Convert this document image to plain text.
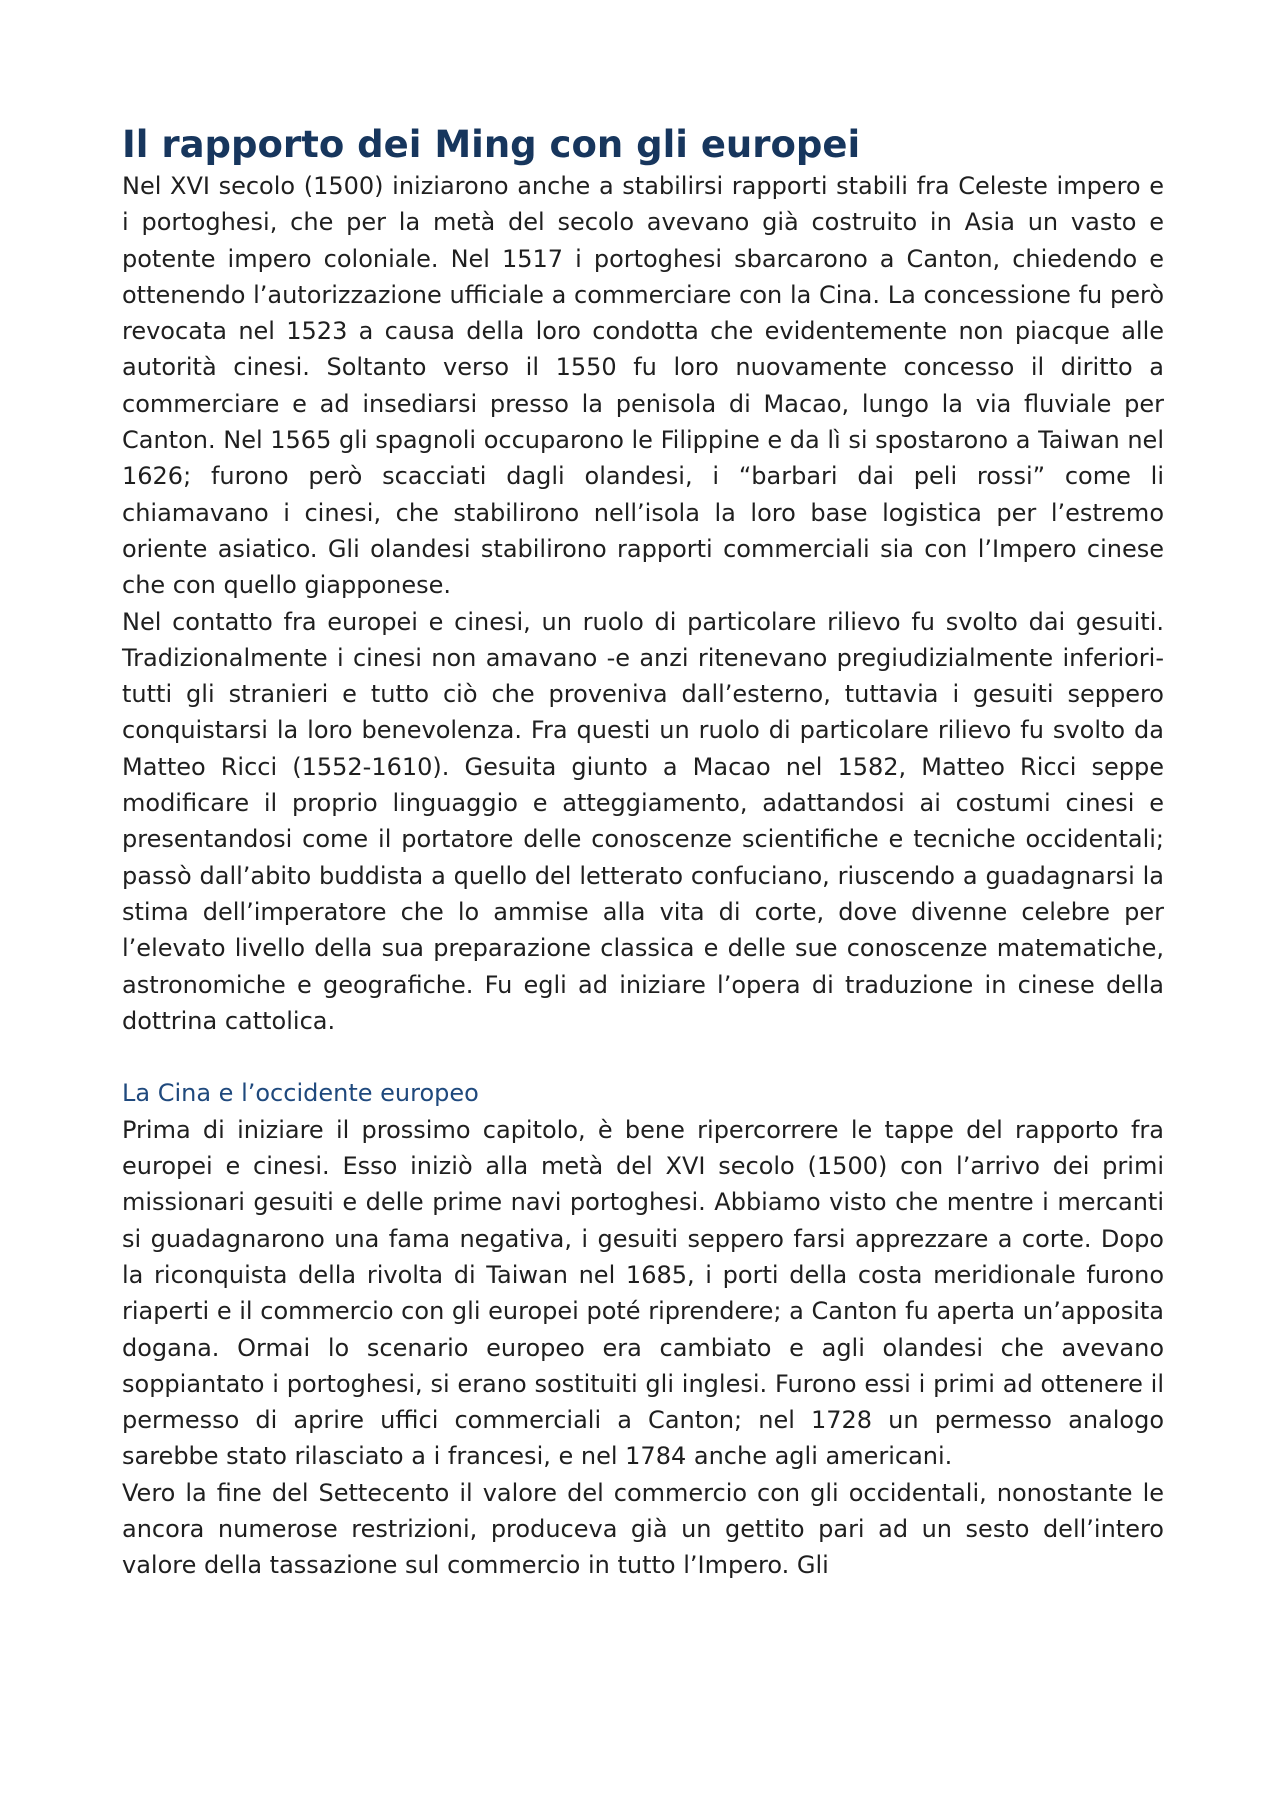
Il rapporto dei Ming con gli europei

Nel XVI secolo (1500) iniziarono anche a stabilirsi rapporti stabili fra Celeste impero e i portoghesi, che per la metà del secolo avevano già costruito in Asia un vasto e potente impero coloniale. Nel 1517 i portoghesi sbarcarono a Canton, chiedendo e ottenendo l’autorizzazione ufficiale a commerciare con la Cina. La concessione fu però revocata nel 1523 a causa della loro condotta che evidentemente non piacque alle autorità cinesi. Soltanto verso il 1550 fu loro nuovamente concesso il diritto a commerciare e ad insediarsi presso la penisola di Macao, lungo la via fluviale per Canton. Nel 1565 gli spagnoli occuparono le Filippine e da lì si spostarono a Taiwan nel 1626; furono però scacciati dagli olandesi, i “barbari dai peli rossi” come li chiamavano i cinesi, che stabilirono nell’isola la loro base logistica per l’estremo oriente asiatico. Gli olandesi stabilirono rapporti commerciali sia con l’Impero cinese che con quello giapponese.

Nel contatto fra europei e cinesi, un ruolo di particolare rilievo fu svolto dai gesuiti. Tradizionalmente i cinesi non amavano -e anzi ritenevano pregiudizialmente inferiori- tutti gli stranieri e tutto ciò che proveniva dall’esterno, tuttavia i gesuiti seppero conquistarsi la loro benevolenza. Fra questi un ruolo di particolare rilievo fu svolto da Matteo Ricci (1552-1610). Gesuita giunto a Macao nel 1582, Matteo Ricci seppe modificare il proprio linguaggio e atteggiamento, adattandosi ai costumi cinesi e presentandosi come il portatore delle conoscenze scientifiche e tecniche occidentali; passò dall’abito buddista a quello del letterato confuciano, riuscendo a guadagnarsi la stima dell’imperatore che lo ammise alla vita di corte, dove divenne celebre per l’elevato livello della sua preparazione classica e delle sue conoscenze matematiche, astronomiche e geografiche. Fu egli ad iniziare l’opera di traduzione in cinese della dottrina cattolica.

La Cina e l’occidente europeo

Prima di iniziare il prossimo capitolo, è bene ripercorrere le tappe del rapporto fra europei e cinesi. Esso iniziò alla metà del XVI secolo (1500) con l’arrivo dei primi missionari gesuiti e delle prime navi portoghesi. Abbiamo visto che mentre i mercanti si guadagnarono una fama negativa, i gesuiti seppero farsi apprezzare a corte. Dopo la riconquista della rivolta di Taiwan nel 1685, i porti della costa meridionale furono riaperti e il commercio con gli europei poté riprendere; a Canton fu aperta un’apposita dogana. Ormai lo scenario europeo era cambiato e agli olandesi che avevano soppiantato i portoghesi, si erano sostituiti gli inglesi. Furono essi i primi ad ottenere il permesso di aprire uffici commerciali a Canton; nel 1728 un permesso analogo sarebbe stato rilasciato a i francesi, e nel 1784 anche agli americani.

Vero la fine del Settecento il valore del commercio con gli occidentali, nonostante le ancora numerose restrizioni, produceva già un gettito pari ad un sesto dell’intero valore della tassazione sul commercio in tutto l’Impero. Gli
